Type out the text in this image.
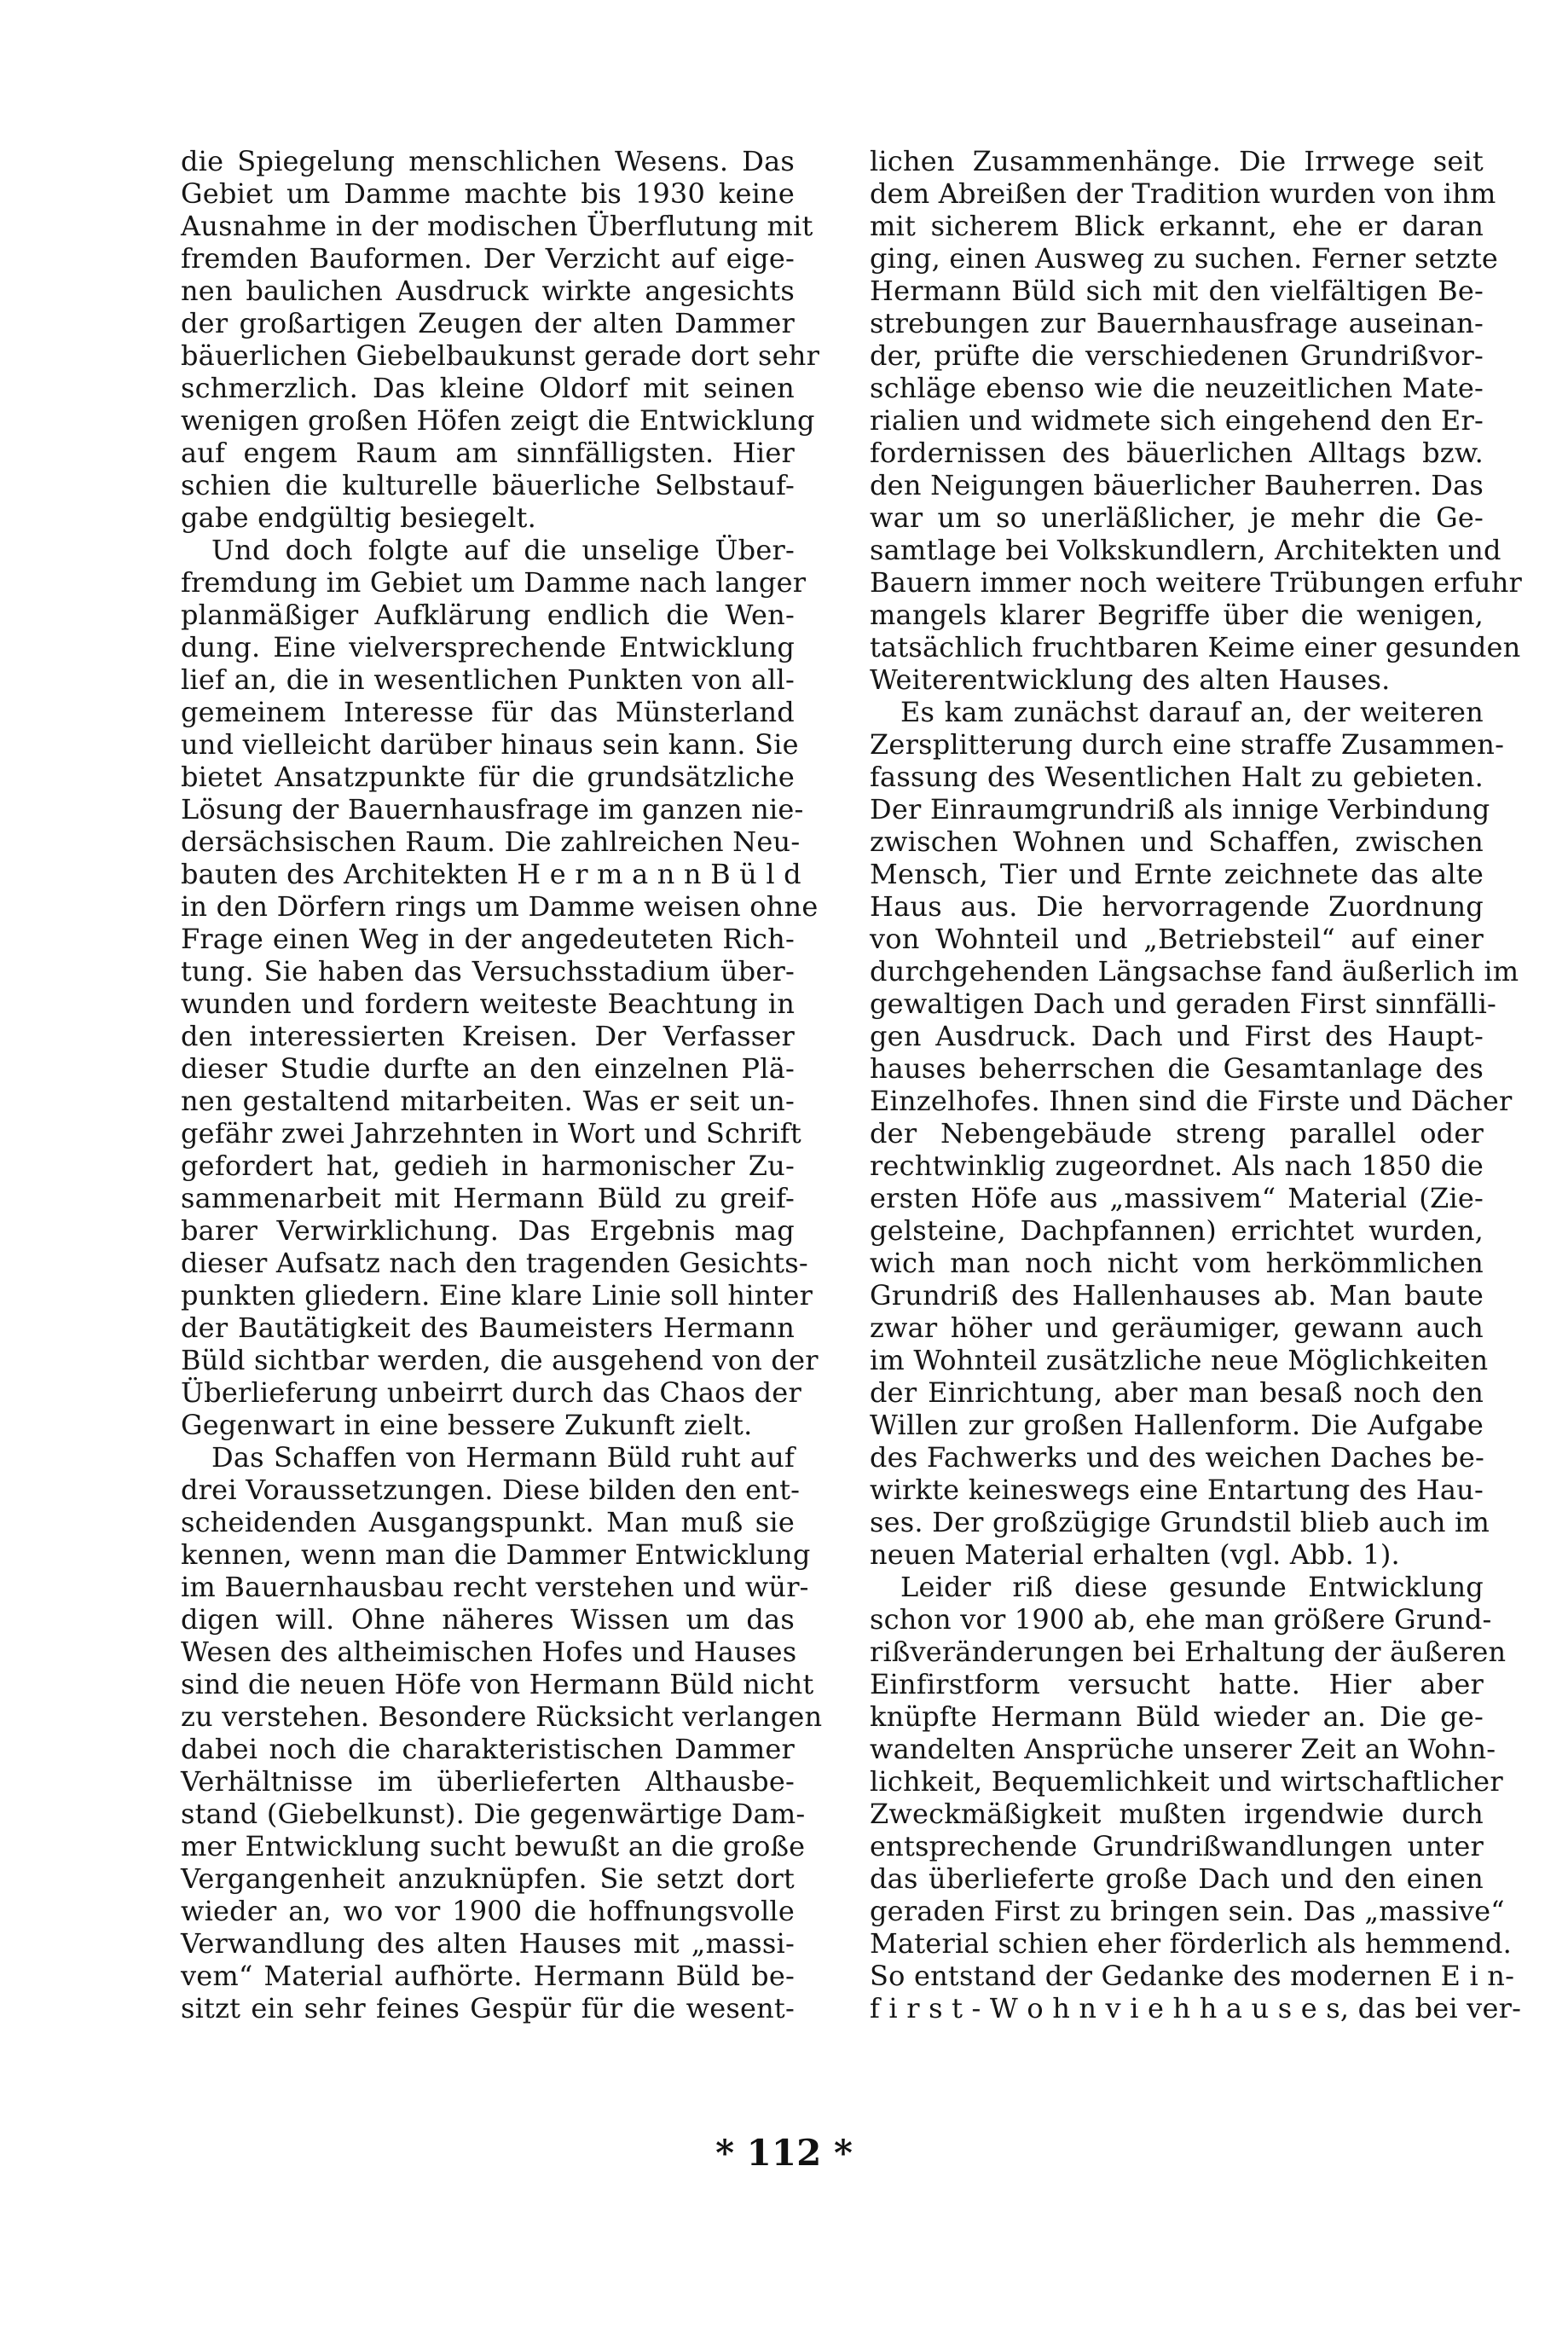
die Spiegelung menschlichen Wesens. Das
Gebiet um Damme machte bis 1930 keine
Ausnahme in der modischen Überflutung mit
fremden Bauformen. Der Verzicht auf eige-
nen baulichen Ausdruck wirkte angesichts
der großartigen Zeugen der alten Dammer
bäuerlichen Giebelbaukunst gerade dort sehr
schmerzlich. Das kleine Oldorf mit seinen
wenigen großen Höfen zeigt die Entwicklung
auf engem Raum am sinnfälligsten. Hier
schien die kulturelle bäuerliche Selbstauf-
gabe endgültig besiegelt.
Und doch folgte auf die unselige Über-
fremdung im Gebiet um Damme nach langer
planmäßiger Aufklärung endlich die Wen-
dung. Eine vielversprechende Entwicklung
lief an, die in wesentlichen Punkten von all-
gemeinem Interesse für das Münsterland
und vielleicht darüber hinaus sein kann. Sie
bietet Ansatzpunkte für die grundsätzliche
Lösung der Bauernhausfrage im ganzen nie-
dersächsischen Raum. Die zahlreichen Neu-
bauten des Architekten H e r m a n n B ü l d
in den Dörfern rings um Damme weisen ohne
Frage einen Weg in der angedeuteten Rich-
tung. Sie haben das Versuchsstadium über-
wunden und fordern weiteste Beachtung in
den interessierten Kreisen. Der Verfasser
dieser Studie durfte an den einzelnen Plä-
nen gestaltend mitarbeiten. Was er seit un-
gefähr zwei Jahrzehnten in Wort und Schrift
gefordert hat, gedieh in harmonischer Zu-
sammenarbeit mit Hermann Büld zu greif-
barer Verwirklichung. Das Ergebnis mag
dieser Aufsatz nach den tragenden Gesichts-
punkten gliedern. Eine klare Linie soll hinter
der Bautätigkeit des Baumeisters Hermann
Büld sichtbar werden, die ausgehend von der
Überlieferung unbeirrt durch das Chaos der
Gegenwart in eine bessere Zukunft zielt.
Das Schaffen von Hermann Büld ruht auf
drei Voraussetzungen. Diese bilden den ent-
scheidenden Ausgangspunkt. Man muß sie
kennen, wenn man die Dammer Entwicklung
im Bauernhausbau recht verstehen und wür-
digen will. Ohne näheres Wissen um das
Wesen des altheimischen Hofes und Hauses
sind die neuen Höfe von Hermann Büld nicht
zu verstehen. Besondere Rücksicht verlangen
dabei noch die charakteristischen Dammer
Verhältnisse im überlieferten Althausbe-
stand (Giebelkunst). Die gegenwärtige Dam-
mer Entwicklung sucht bewußt an die große
Vergangenheit anzuknüpfen. Sie setzt dort
wieder an, wo vor 1900 die hoffnungsvolle
Verwandlung des alten Hauses mit „massi-
vem“ Material aufhörte. Hermann Büld be-
sitzt ein sehr feines Gespür für die wesent-
lichen Zusammenhänge. Die Irrwege seit
dem Abreißen der Tradition wurden von ihm
mit sicherem Blick erkannt, ehe er daran
ging, einen Ausweg zu suchen. Ferner setzte
Hermann Büld sich mit den vielfältigen Be-
strebungen zur Bauernhausfrage auseinan-
der, prüfte die verschiedenen Grundrißvor-
schläge ebenso wie die neuzeitlichen Mate-
rialien und widmete sich eingehend den Er-
fordernissen des bäuerlichen Alltags bzw.
den Neigungen bäuerlicher Bauherren. Das
war um so unerläßlicher, je mehr die Ge-
samtlage bei Volkskundlern, Architekten und
Bauern immer noch weitere Trübungen erfuhr
mangels klarer Begriffe über die wenigen,
tatsächlich fruchtbaren Keime einer gesunden
Weiterentwicklung des alten Hauses.
Es kam zunächst darauf an, der weiteren
Zersplitterung durch eine straffe Zusammen-
fassung des Wesentlichen Halt zu gebieten.
Der Einraumgrundriß als innige Verbindung
zwischen Wohnen und Schaffen, zwischen
Mensch, Tier und Ernte zeichnete das alte
Haus aus. Die hervorragende Zuordnung
von Wohnteil und „Betriebsteil“ auf einer
durchgehenden Längsachse fand äußerlich im
gewaltigen Dach und geraden First sinnfälli-
gen Ausdruck. Dach und First des Haupt-
hauses beherrschen die Gesamtanlage des
Einzelhofes. Ihnen sind die Firste und Dächer
der Nebengebäude streng parallel oder
rechtwinklig zugeordnet. Als nach 1850 die
ersten Höfe aus „massivem“ Material (Zie-
gelsteine, Dachpfannen) errichtet wurden,
wich man noch nicht vom herkömmlichen
Grundriß des Hallenhauses ab. Man baute
zwar höher und geräumiger, gewann auch
im Wohnteil zusätzliche neue Möglichkeiten
der Einrichtung, aber man besaß noch den
Willen zur großen Hallenform. Die Aufgabe
des Fachwerks und des weichen Daches be-
wirkte keineswegs eine Entartung des Hau-
ses. Der großzügige Grundstil blieb auch im
neuen Material erhalten (vgl. Abb. 1).
Leider riß diese gesunde Entwicklung
schon vor 1900 ab, ehe man größere Grund-
rißveränderungen bei Erhaltung der äußeren
Einfirstform versucht hatte. Hier aber
knüpfte Hermann Büld wieder an. Die ge-
wandelten Ansprüche unserer Zeit an Wohn-
lichkeit, Bequemlichkeit und wirtschaftlicher
Zweckmäßigkeit mußten irgendwie durch
entsprechende Grundrißwandlungen unter
das überlieferte große Dach und den einen
geraden First zu bringen sein. Das „massive“
Material schien eher förderlich als hemmend.
So entstand der Gedanke des modernen E i n-
f i r s t - W o h n v i e h h a u s e s, das bei ver-
* 112 *
